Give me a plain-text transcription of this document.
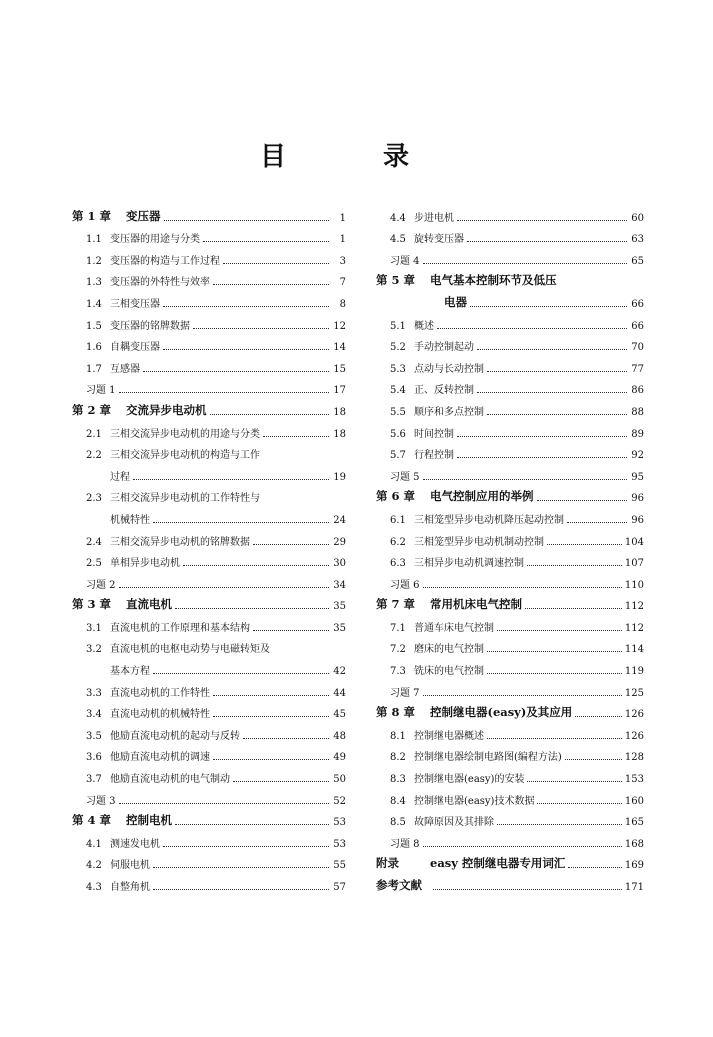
目 录
第 1 章	变压器	1
1.1 变压器的用途与分类	1
1.2 变压器的构造与工作过程	3
1.3 变压器的外特性与效率	7
1.4 三相变压器	8
1.5 变压器的铭牌数据	12
1.6 自耦变压器	14
1.7 互感器	15
习题 1	17
第 2 章	交流异步电动机	18
2.1 三相交流异步电动机的用途与分类	18
2.2 三相交流异步电动机的构造与工作
过程	19
2.3 三相交流异步电动机的工作特性与
机械特性	24
2.4 三相交流异步电动机的铭牌数据	29
2.5 单相异步电动机	30
习题 2	34
第 3 章	直流电机	35
3.1 直流电机的工作原理和基本结构	35
3.2 直流电机的电枢电动势与电磁转矩及
基本方程	42
3.3 直流电动机的工作特性	44
3.4 直流电动机的机械特性	45
3.5 他励直流电动机的起动与反转	48
3.6 他励直流电动机的调速	49
3.7 他励直流电动机的电气制动	50
习题 3	52
第 4 章	控制电机	53
4.1 测速发电机	53
4.2 伺服电机	55
4.3 自整角机	57
4.4 步进电机	60
4.5 旋转变压器	63
习题 4	65
第 5 章	电气基本控制环节及低压
电器	66
5.1 概述	66
5.2 手动控制起动	70
5.3 点动与长动控制	77
5.4 正、反转控制	86
5.5 顺序和多点控制	88
5.6 时间控制	89
5.7 行程控制	92
习题 5	95
第 6 章	电气控制应用的举例	96
6.1 三相笼型异步电动机降压起动控制	96
6.2 三相笼型异步电动机制动控制	104
6.3 三相异步电动机调速控制	107
习题 6	110
第 7 章	常用机床电气控制	112
7.1 普通车床电气控制	112
7.2 磨床的电气控制	114
7.3 铣床的电气控制	119
习题 7	125
第 8 章	控制继电器(easy)及其应用	126
8.1 控制继电器概述	126
8.2 控制继电器绘制电路图(编程方法)	128
8.3 控制继电器(easy)的安装	153
8.4 控制继电器(easy)技术数据	160
8.5 故障原因及其排除	165
习题 8	168
附录	easy 控制继电器专用词汇	169
参考文献	171
